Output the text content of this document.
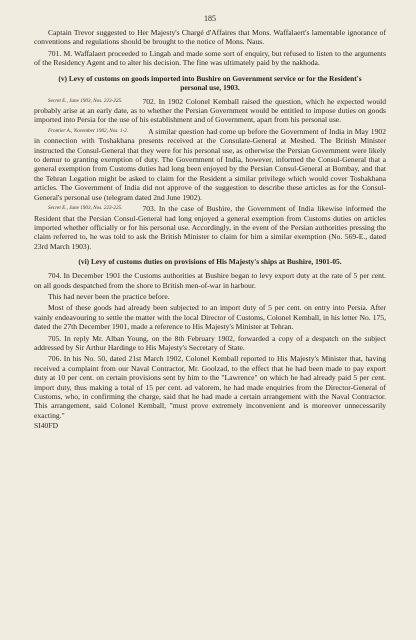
185

Captain Trevor suggested to Her Majesty's Chargé d'Affaires that Mons. Waffalaert's lamentable ignorance of conventions and regulations should be brought to the notice of Mons. Naus.

701. M. Waffalaert proceeded to Lingah and made some sort of enquiry, but refused to listen to the arguments of the Residency Agent and to alter his decision. The fine was ultimately paid by the nakhoda.

(v) Levy of customs on goods imported into Bushire on Government service or for the Resident's personal use, 1903.

Secret E., June 1903, Nos. 223-225.	702. In 1902 Colonel Kemball raised the question, which he expected would probably arise at an early date, as to whether the Persian Government would be entitled to impose duties on goods imported into Persia for the use of his establishment and of Government, apart from his personal use.

Frontier A., November 1902, Nos. 1-2.	A similar question had come up before the Government of India in May 1902 in connection with Toshakhana presents received at the Consulate-General at Meshed. The British Minister instructed the Consul-General that they were for his personal use, as otherwise the Persian Government were likely to demur to granting exemption of duty. The Government of India, however, informed the Consul-General that a general exemption from Customs duties had long been enjoyed by the Persian Consul-General at Bombay, and that the Tehran Legation might be asked to claim for the Resident a similar privilege which would cover Toshakhana articles. The Government of India did not approve of the suggestion to describe these articles as for the Consul-General's personal use (telegram dated 2nd June 1902).

Secret E., June 1903, Nos. 223-225.	703. In the case of Bushire, the Government of India likewise informed the Resident that the Persian Consul-General had long enjoyed a general exemption from Customs duties on articles imported whether officially or for his personal use. Accordingly, in the event of the Persian authorities pressing the claim referred to, he was told to ask the British Minister to claim for him a similar exemption (No. 569-E., dated 23rd March 1903).

(vi) Levy of customs duties on provisions of His Majesty's ships at Bushire, 1901-05.

704. In December 1901 the Customs authorities at Bushire began to levy export duty at the rate of 5 per cent. on all goods despatched from the shore to British men-of-war in harbour.

This had never been the practice before.

Most of these goods had already been subjected to an import duty of 5 per cent. on entry into Persia. After vainly endeavouring to settle the matter with the local Director of Customs, Colonel Kemball, in his letter No. 175, dated the 27th December 1901, made a reference to His Majesty's Minister at Tehran.

705. In reply Mr. Alban Young, on the 8th February 1902, forwarded a copy of a despatch on the subject addressed by Sir Arthur Hardinge to His Majesty's Secretary of State.

706. In his No. 50, dated 21st March 1902, Colonel Kemball reported to His Majesty's Minister that, having received a complaint from our Naval Contractor, Mr. Goolzad, to the effect that he had been made to pay export duty at 10 per cent. on certain provisions sent by him to the "Lawrence" on which he had already paid 5 per cent. import duty, thus making a total of 15 per cent. ad valorem, he had made enquiries from the Director-General of Customs, who, in confirming the charge, said that he had made a certain arrangement with the Naval Contractor. This arrangement, said Colonel Kemball, "must prove extremely inconvenient and is moreover unnecessarily exacting."

SI40FD
